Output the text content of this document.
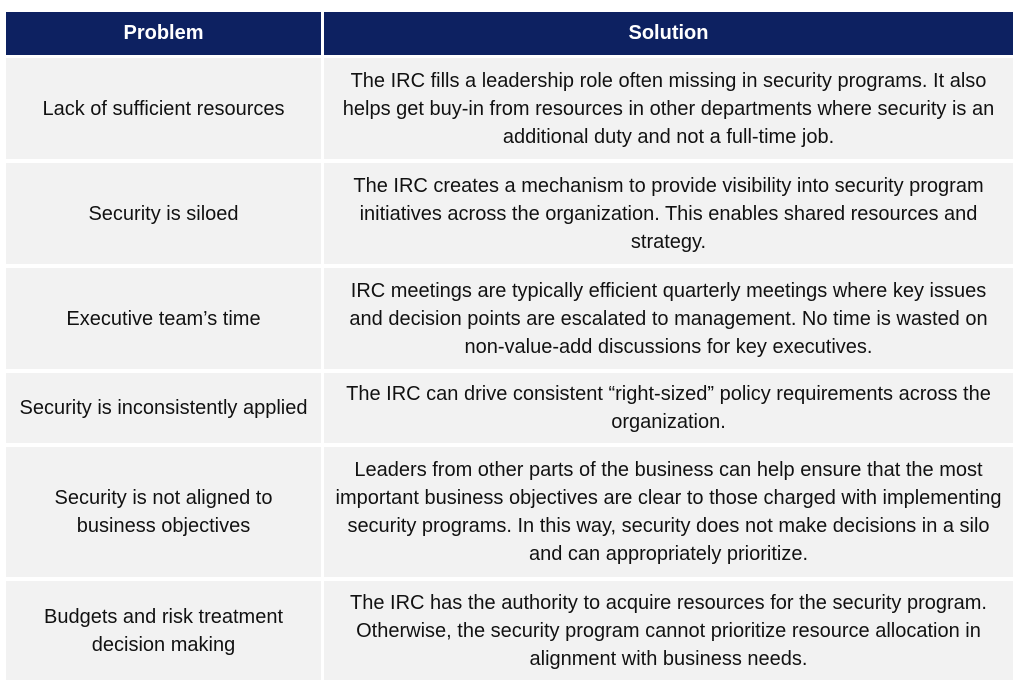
Problem	Solution
Lack of sufficient resources	The IRC fills a leadership role often missing in security programs. It also helps get buy-in from resources in other departments where security is an additional duty and not a full-time job.
Security is siloed	The IRC creates a mechanism to provide visibility into security program initiatives across the organization. This enables shared resources and strategy.
Executive team’s time	IRC meetings are typically efficient quarterly meetings where key issues and decision points are escalated to management. No time is wasted on non-value-add discussions for key executives.
Security is inconsistently applied	The IRC can drive consistent “right-sized” policy requirements across the organization.
Security is not aligned to business objectives	Leaders from other parts of the business can help ensure that the most important business objectives are clear to those charged with implementing security programs. In this way, security does not make decisions in a silo and can appropriately prioritize.
Budgets and risk treatment decision making	The IRC has the authority to acquire resources for the security program. Otherwise, the security program cannot prioritize resource allocation in alignment with business needs.
